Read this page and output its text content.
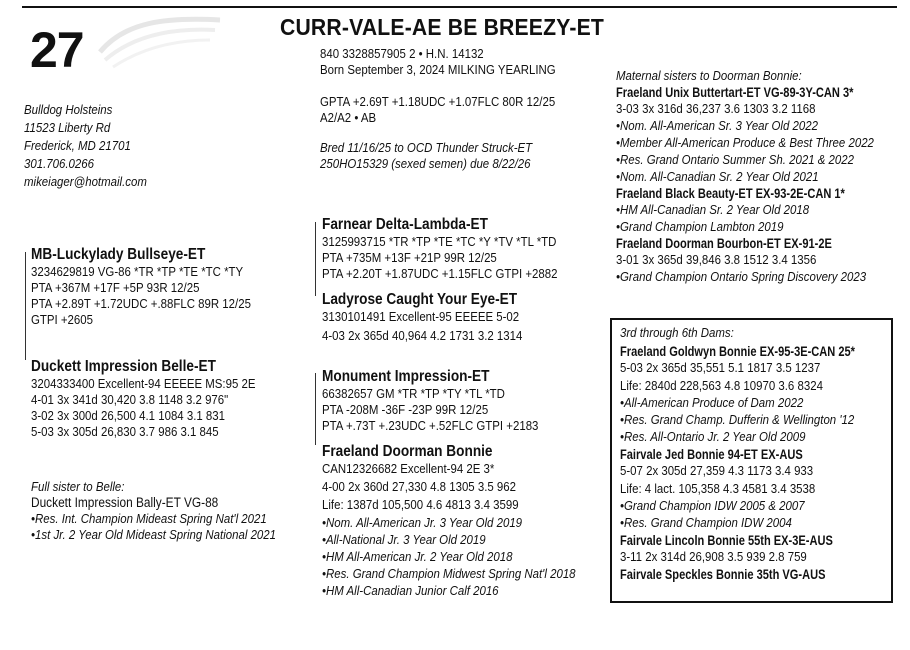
27	CURR-VALE-AE BE BREEZY-ET
840 3328857905 2 • H.N. 14132
Born September 3, 2024 MILKING YEARLING
GPTA +2.69T +1.18UDC +1.07FLC 80R 12/25
A2/A2 • AB
Bred 11/16/25 to OCD Thunder Struck-ET
250HO15329 (sexed semen) due 8/22/26
Bulldog Holsteins
11523 Liberty Rd
Frederick, MD 21701
301.706.0266
mikeiager@hotmail.com
MB-Luckylady Bullseye-ET
3234629819 VG-86 *TR *TP *TE *TC *TY
PTA +367M +17F +5P 93R 12/25
PTA +2.89T +1.72UDC +.88FLC 89R 12/25
GTPI +2605
Duckett Impression Belle-ET
3204333400 Excellent-94 EEEEE MS:95 2E
4-01 3x 341d 30,420 3.8 1148 3.2 976"
3-02 3x 300d 26,500 4.1 1084 3.1 831
5-03 3x 305d 26,830 3.7 986 3.1 845
Full sister to Belle:
Duckett Impression Bally-ET VG-88
•Res. Int. Champion Mideast Spring Nat'l 2021
•1st Jr. 2 Year Old Mideast Spring National 2021
Farnear Delta-Lambda-ET
3125993715 *TR *TP *TE *TC *Y *TV *TL *TD
PTA +735M +13F +21P 99R 12/25
PTA +2.20T +1.87UDC +1.15FLC GTPI +2882
Ladyrose Caught Your Eye-ET
3130101491 Excellent-95 EEEEE 5-02
4-03 2x 365d 40,964 4.2 1731 3.2 1314
Monument Impression-ET
66382657 GM *TR *TP *TY *TL *TD
PTA -208M -36F -23P 99R 12/25
PTA +.73T +.23UDC +.52FLC GTPI +2183
Fraeland Doorman Bonnie
CAN12326682 Excellent-94 2E 3*
4-00 2x 360d 27,330 4.8 1305 3.5 962
Life: 1387d 105,500 4.6 4813 3.4 3599
•Nom. All-American Jr. 3 Year Old 2019
•All-National Jr. 3 Year Old 2019
•HM All-American Jr. 2 Year Old 2018
•Res. Grand Champion Midwest Spring Nat'l 2018
•HM All-Canadian Junior Calf 2016
Maternal sisters to Doorman Bonnie:
Fraeland Unix Buttertart-ET VG-89-3Y-CAN 3*
3-03 3x 316d 36,237 3.6 1303 3.2 1168
•Nom. All-American Sr. 3 Year Old 2022
•Member All-American Produce & Best Three 2022
•Res. Grand Ontario Summer Sh. 2021 & 2022
•Nom. All-Canadian Sr. 2 Year Old 2021
Fraeland Black Beauty-ET EX-93-2E-CAN 1*
•HM All-Canadian Sr. 2 Year Old 2018
•Grand Champion Lambton 2019
Fraeland Doorman Bourbon-ET EX-91-2E
3-01 3x 365d 39,846 3.8 1512 3.4 1356
•Grand Champion Ontario Spring Discovery 2023
3rd through 6th Dams:
Fraeland Goldwyn Bonnie EX-95-3E-CAN 25*
5-03 2x 365d 35,551 5.1 1817 3.5 1237
Life: 2840d 228,563 4.8 10970 3.6 8324
•All-American Produce of Dam 2022
•Res. Grand Champ. Dufferin & Wellington '12
•Res. All-Ontario Jr. 2 Year Old 2009
Fairvale Jed Bonnie 94-ET EX-AUS
5-07 2x 305d 27,359 4.3 1173 3.4 933
Life: 4 lact. 105,358 4.3 4581 3.4 3538
•Grand Champion IDW 2005 & 2007
•Res. Grand Champion IDW 2004
Fairvale Lincoln Bonnie 55th EX-3E-AUS
3-11 2x 314d 26,908 3.5 939 2.8 759
Fairvale Speckles Bonnie 35th VG-AUS
